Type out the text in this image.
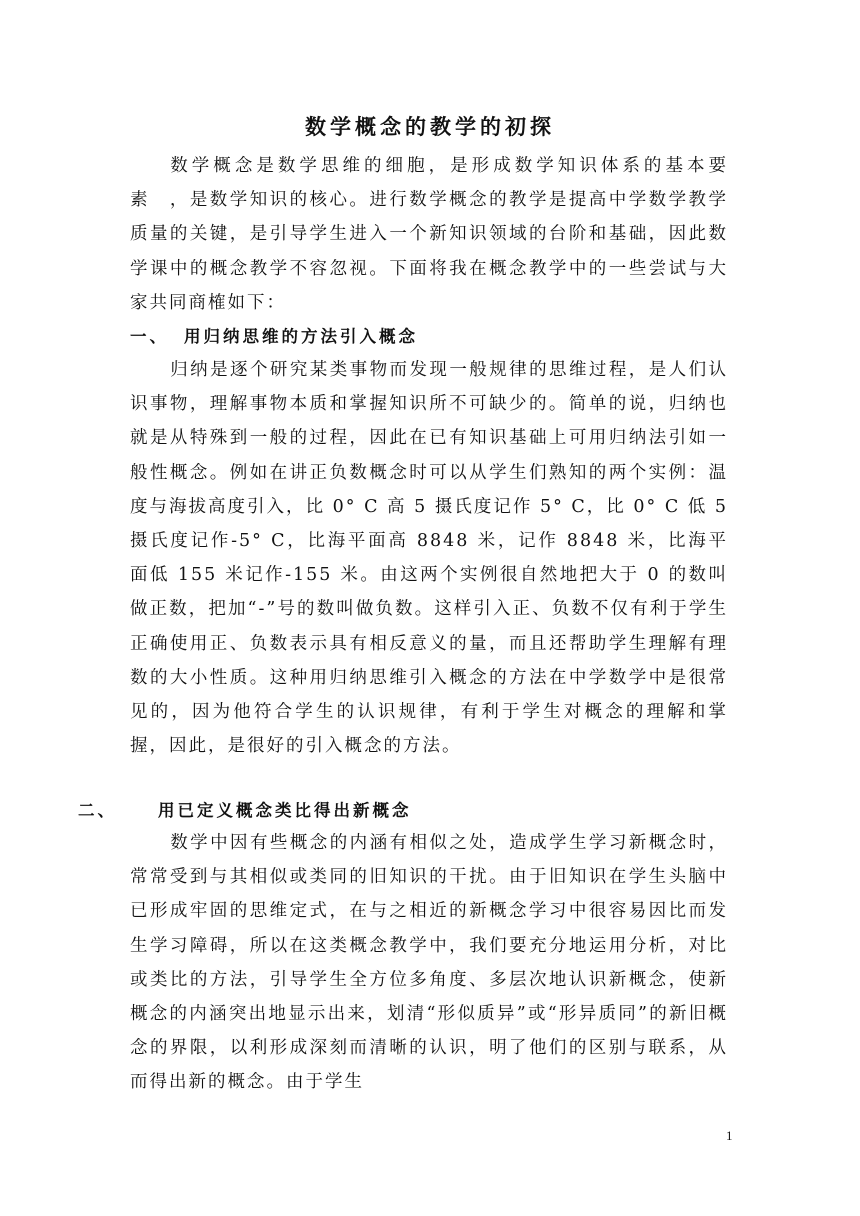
数学概念的教学的初探

数学概念是数学思维的细胞，是形成数学知识体系的基本要素　，是数学知识的核心。进行数学概念的教学是提高中学数学教学质量的关键，是引导学生进入一个新知识领域的台阶和基础，因此数学课中的概念教学不容忽视。下面将我在概念教学中的一些尝试与大家共同商榷如下：

一、 用归纳思维的方法引入概念

归纳是逐个研究某类事物而发现一般规律的思维过程，是人们认识事物，理解事物本质和掌握知识所不可缺少的。简单的说，归纳也就是从特殊到一般的过程，因此在已有知识基础上可用归纳法引如一般性概念。例如在讲正负数概念时可以从学生们熟知的两个实例：温度与海拔高度引入，比 0° C 高 5 摄氏度记作 5° C，比 0° C 低 5 摄氏度记作-5° C，比海平面高 8848 米，记作 8848 米，比海平面低 155 米记作-155 米。由这两个实例很自然地把大于 0 的数叫做正数，把加“-”号的数叫做负数。这样引入正、负数不仅有利于学生正确使用正、负数表示具有相反意义的量，而且还帮助学生理解有理数的大小性质。这种用归纳思维引入概念的方法在中学数学中是很常见的，因为他符合学生的认识规律，有利于学生对概念的理解和掌握，因此，是很好的引入概念的方法。

二、 用已定义概念类比得出新概念

数学中因有些概念的内涵有相似之处，造成学生学习新概念时，常常受到与其相似或类同的旧知识的干扰。由于旧知识在学生头脑中已形成牢固的思维定式，在与之相近的新概念学习中很容易因比而发生学习障碍，所以在这类概念教学中，我们要充分地运用分析，对比或类比的方法，引导学生全方位多角度、多层次地认识新概念，使新概念的内涵突出地显示出来，划清“形似质异”或“形异质同”的新旧概念的界限，以利形成深刻而清晰的认识，明了他们的区别与联系，从而得出新的概念。由于学生

1
